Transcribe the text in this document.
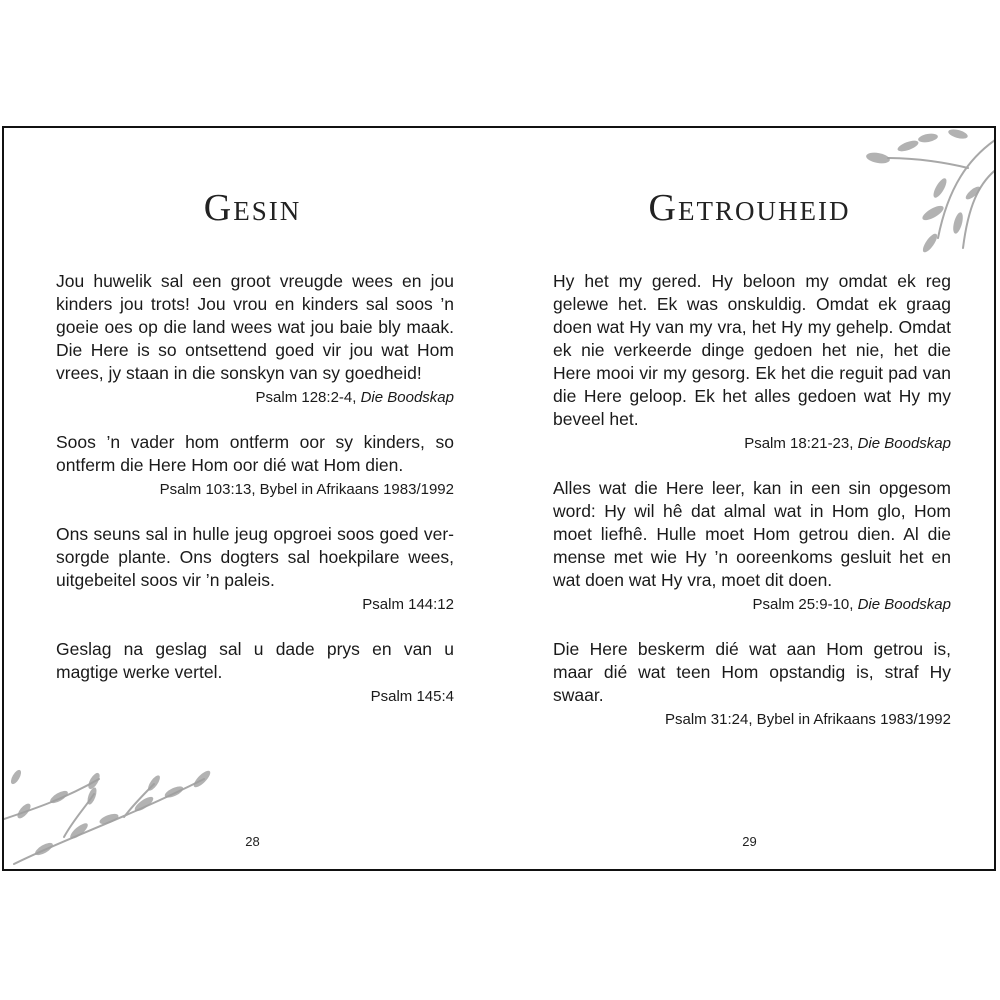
Gesin

Jou huwelik sal een groot vreugde wees en jou kinders jou trots! Jou vrou en kinders sal soos ’n goeie oes op die land wees wat jou baie bly maak. Die Here is so ontsettend goed vir jou wat Hom vrees, jy staan in die sonskyn van sy goedheid!

Psalm 128:2-4, Die Boodskap

Soos ’n vader hom ontferm oor sy kinders, so ontferm die Here Hom oor dié wat Hom dien.

Psalm 103:13, Bybel in Afrikaans 1983/1992

Ons seuns sal in hulle jeug opgroei soos goed versorgde plante. Ons dogters sal hoekpilare wees, uitgebeitel soos vir ’n paleis.

Psalm 144:12

Geslag na geslag sal u dade prys en van u magtige werke vertel.

Psalm 145:4

28
Getrouheid

Hy het my gered. Hy beloon my omdat ek reg gelewe het. Ek was onskuldig. Omdat ek graag doen wat Hy van my vra, het Hy my gehelp. Omdat ek nie verkeerde dinge gedoen het nie, het die Here mooi vir my gesorg. Ek het die reguit pad van die Here geloop. Ek het alles gedoen wat Hy my beveel het.

Psalm 18:21-23, Die Boodskap

Alles wat die Here leer, kan in een sin opgesom word: Hy wil hê dat almal wat in Hom glo, Hom moet liefhê. Hulle moet Hom getrou dien. Al die mense met wie Hy ’n ooreenkoms gesluit het en wat doen wat Hy vra, moet dit doen.

Psalm 25:9-10, Die Boodskap

Die Here beskerm dié wat aan Hom getrou is, maar dié wat teen Hom opstandig is, straf Hy swaar.

Psalm 31:24, Bybel in Afrikaans 1983/1992

29
